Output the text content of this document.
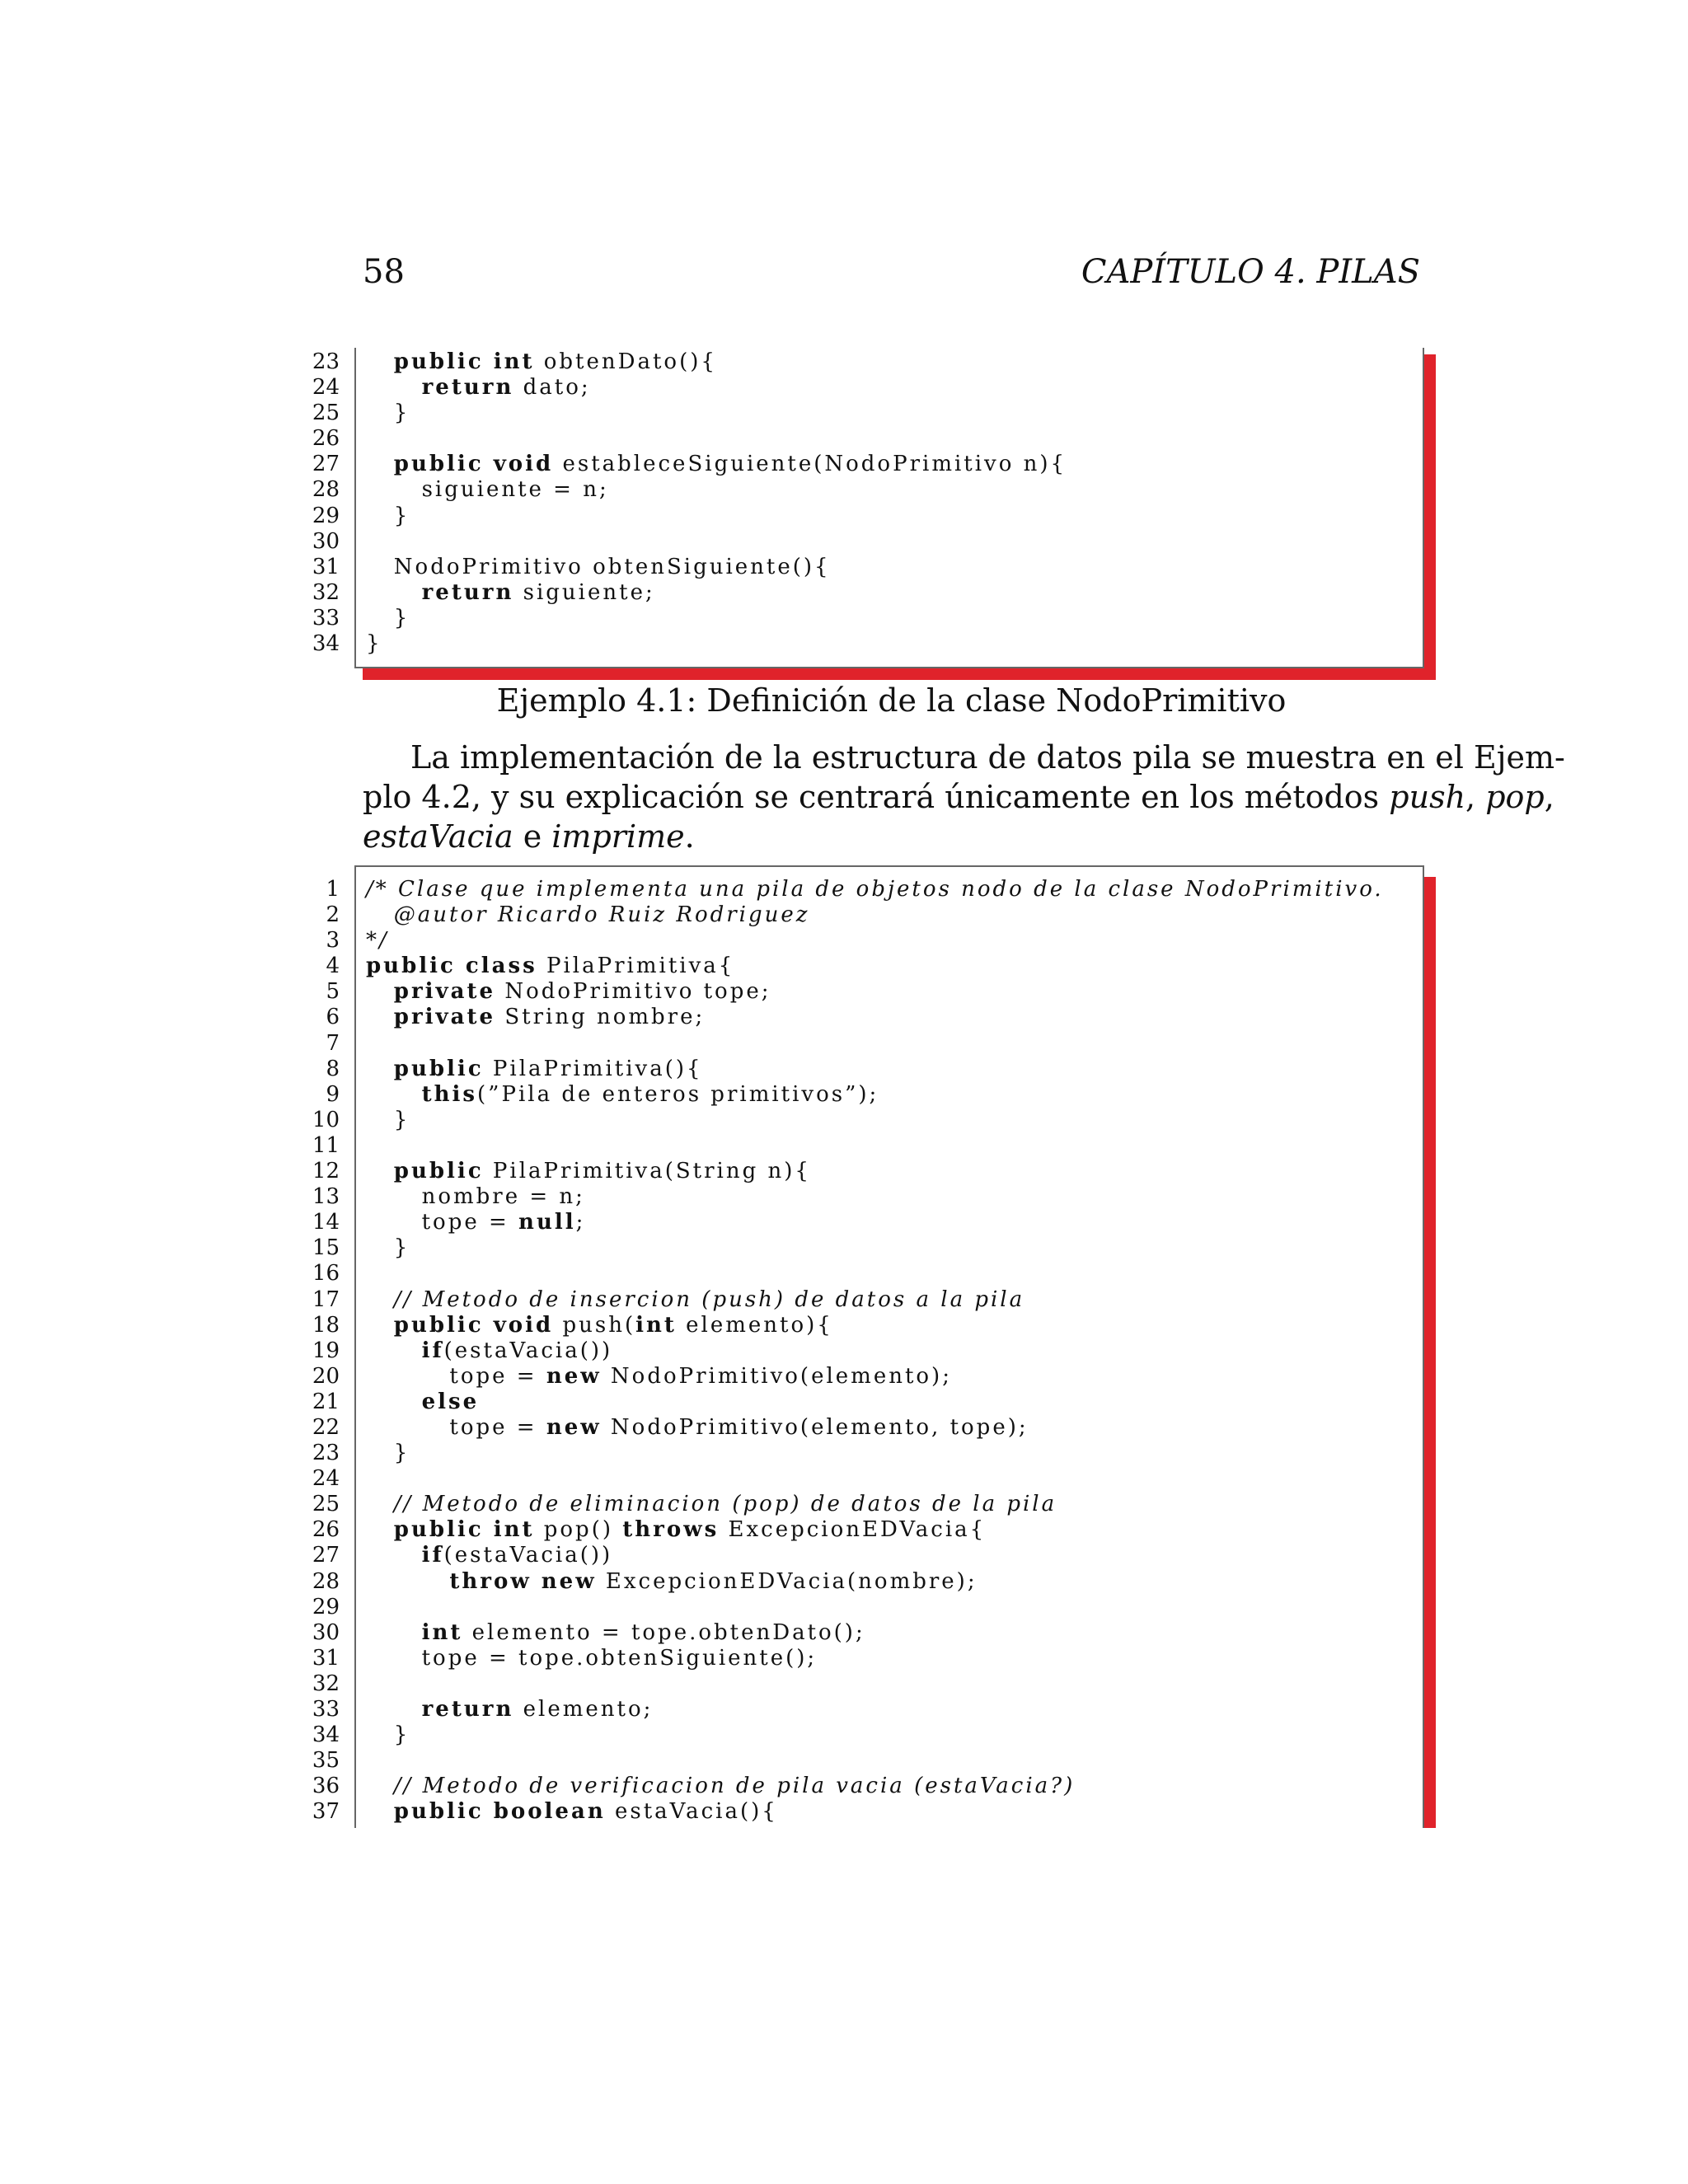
58	CAPÍTULO 4. PILAS
23	public int obtenDato(){
24	return dato;
25 }
26
27	public void estableceSiguiente(NodoPrimitivo n){
28 siguiente = n;
29 }
30
31 NodoPrimitivo obtenSiguiente(){
32	return siguiente;
33 }
34 }
Ejemplo 4.1: Definición de la clase NodoPrimitivo
La implementación de la estructura de datos pila se muestra en el Ejem-
plo 4.2, y su explicación se centrará únicamente en los métodos push, pop,
estaVacia e imprime.
1 /* Clase que implementa una pila de objetos nodo de la clase NodoPrimitivo.
2 @autor Ricardo Ruiz Rodriguez
3 */
4 public class PilaPrimitiva{
5	private NodoPrimitivo tope;
6	private String nombre;
7
8	public PilaPrimitiva(){
9	this(”Pila de enteros primitivos”);
10 }
11
12	public PilaPrimitiva(String n){
13 nombre = n;
14 tope = null;
15 }
16
17	// Metodo de insercion (push) de datos a la pila
18	public void push(int elemento){
19	if(estaVacia())
20 tope = new NodoPrimitivo(elemento);
21	else
22 tope = new NodoPrimitivo(elemento, tope);
23 }
24
25	// Metodo de eliminacion (pop) de datos de la pila
26	public int pop() throws ExcepcionEDVacia{
27	if(estaVacia())
28	throw new ExcepcionEDVacia(nombre);
29
30	int elemento = tope.obtenDato();
31 tope = tope.obtenSiguiente();
32
33	return elemento;
34 }
35
36	// Metodo de verificacion de pila vacia (estaVacia?)
37	public boolean estaVacia(){
